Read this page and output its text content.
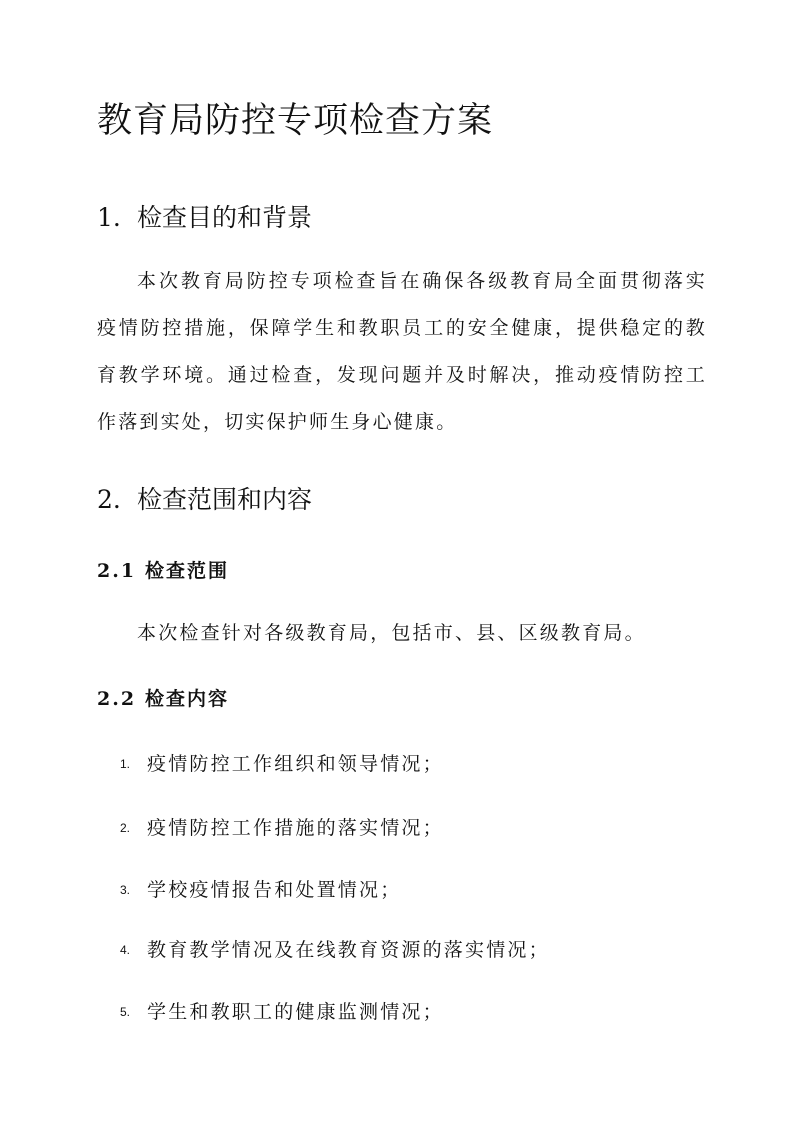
教育局防控专项检查方案
1. 检查目的和背景

本次教育局防控专项检查旨在确保各级教育局全面贯彻落实疫情防控措施，保障学生和教职员工的安全健康，提供稳定的教育教学环境。通过检查，发现问题并及时解决，推动疫情防控工作落到实处，切实保护师生身心健康。

2. 检查范围和内容
2.1 检查范围

本次检查针对各级教育局，包括市、县、区级教育局。

2.2 检查内容
1. 疫情防控工作组织和领导情况；
2. 疫情防控工作措施的落实情况；
3. 学校疫情报告和处置情况；
4. 教育教学情况及在线教育资源的落实情况；
5. 学生和教职工的健康监测情况；
